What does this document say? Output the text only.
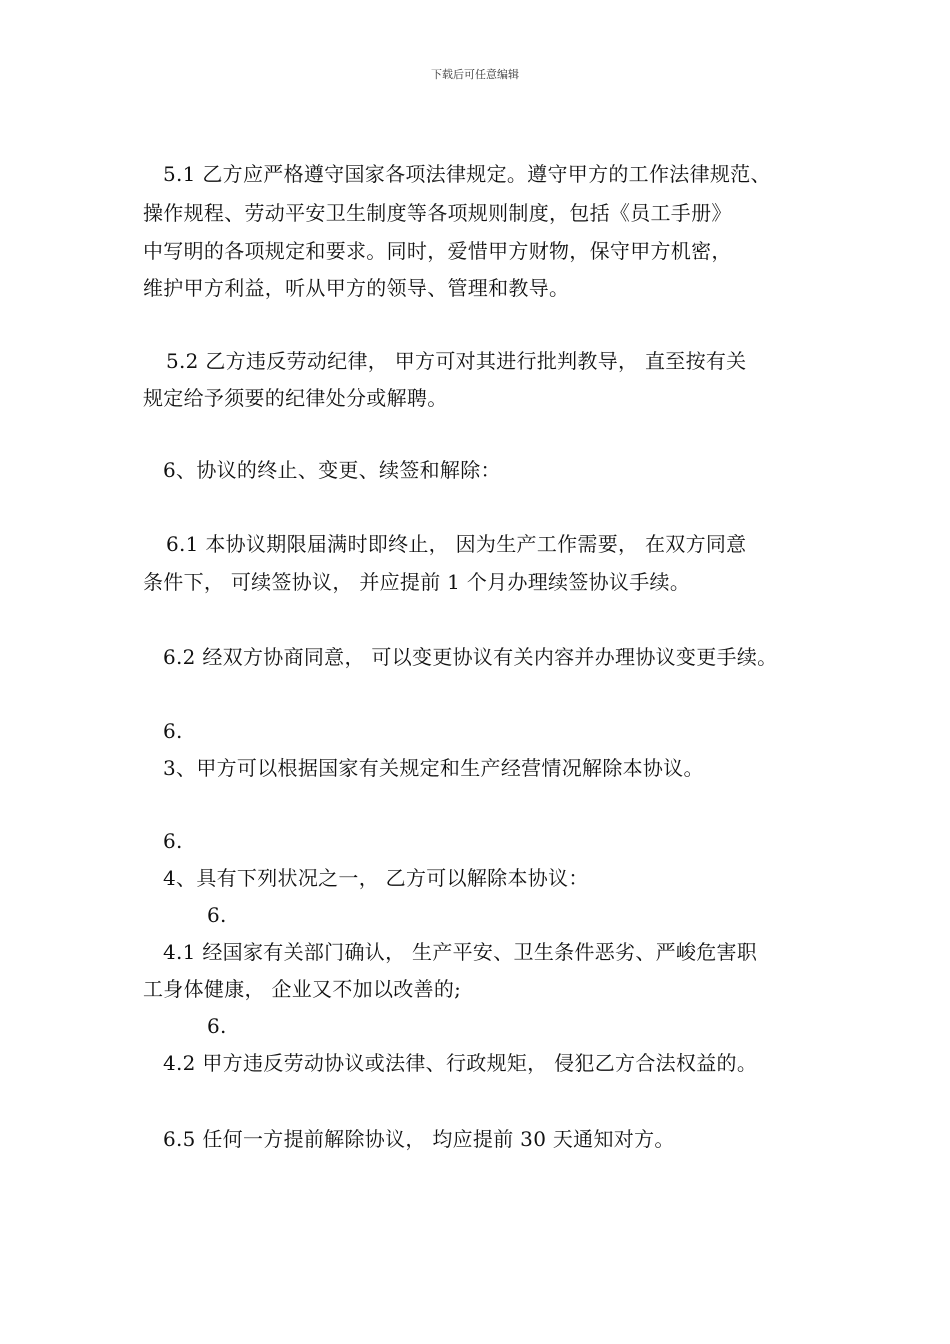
下载后可任意编辑
5.1 乙方应严格遵守国家各项法律规定。遵守甲方的工作法律规范、
操作规程、劳动平安卫生制度等各项规则制度，包括《员工手册》
中写明的各项规定和要求。同时，爱惜甲方财物，保守甲方机密，
维护甲方利益，听从甲方的领导、管理和教导。
5.2 乙方违反劳动纪律， 甲方可对其进行批判教导， 直至按有关
规定给予须要的纪律处分或解聘。
6、协议的终止、变更、续签和解除：
6.1 本协议期限届满时即终止， 因为生产工作需要， 在双方同意
条件下， 可续签协议， 并应提前 1 个月办理续签协议手续。
6.2 经双方协商同意， 可以变更协议有关内容并办理协议变更手续。
6.
3、甲方可以根据国家有关规定和生产经营情况解除本协议。
6.
4、具有下列状况之一， 乙方可以解除本协议：
6.
4.1 经国家有关部门确认， 生产平安、卫生条件恶劣、严峻危害职
工身体健康， 企业又不加以改善的;
6.
4.2 甲方违反劳动协议或法律、行政规矩， 侵犯乙方合法权益的。
6.5 任何一方提前解除协议， 均应提前 30 天通知对方。
